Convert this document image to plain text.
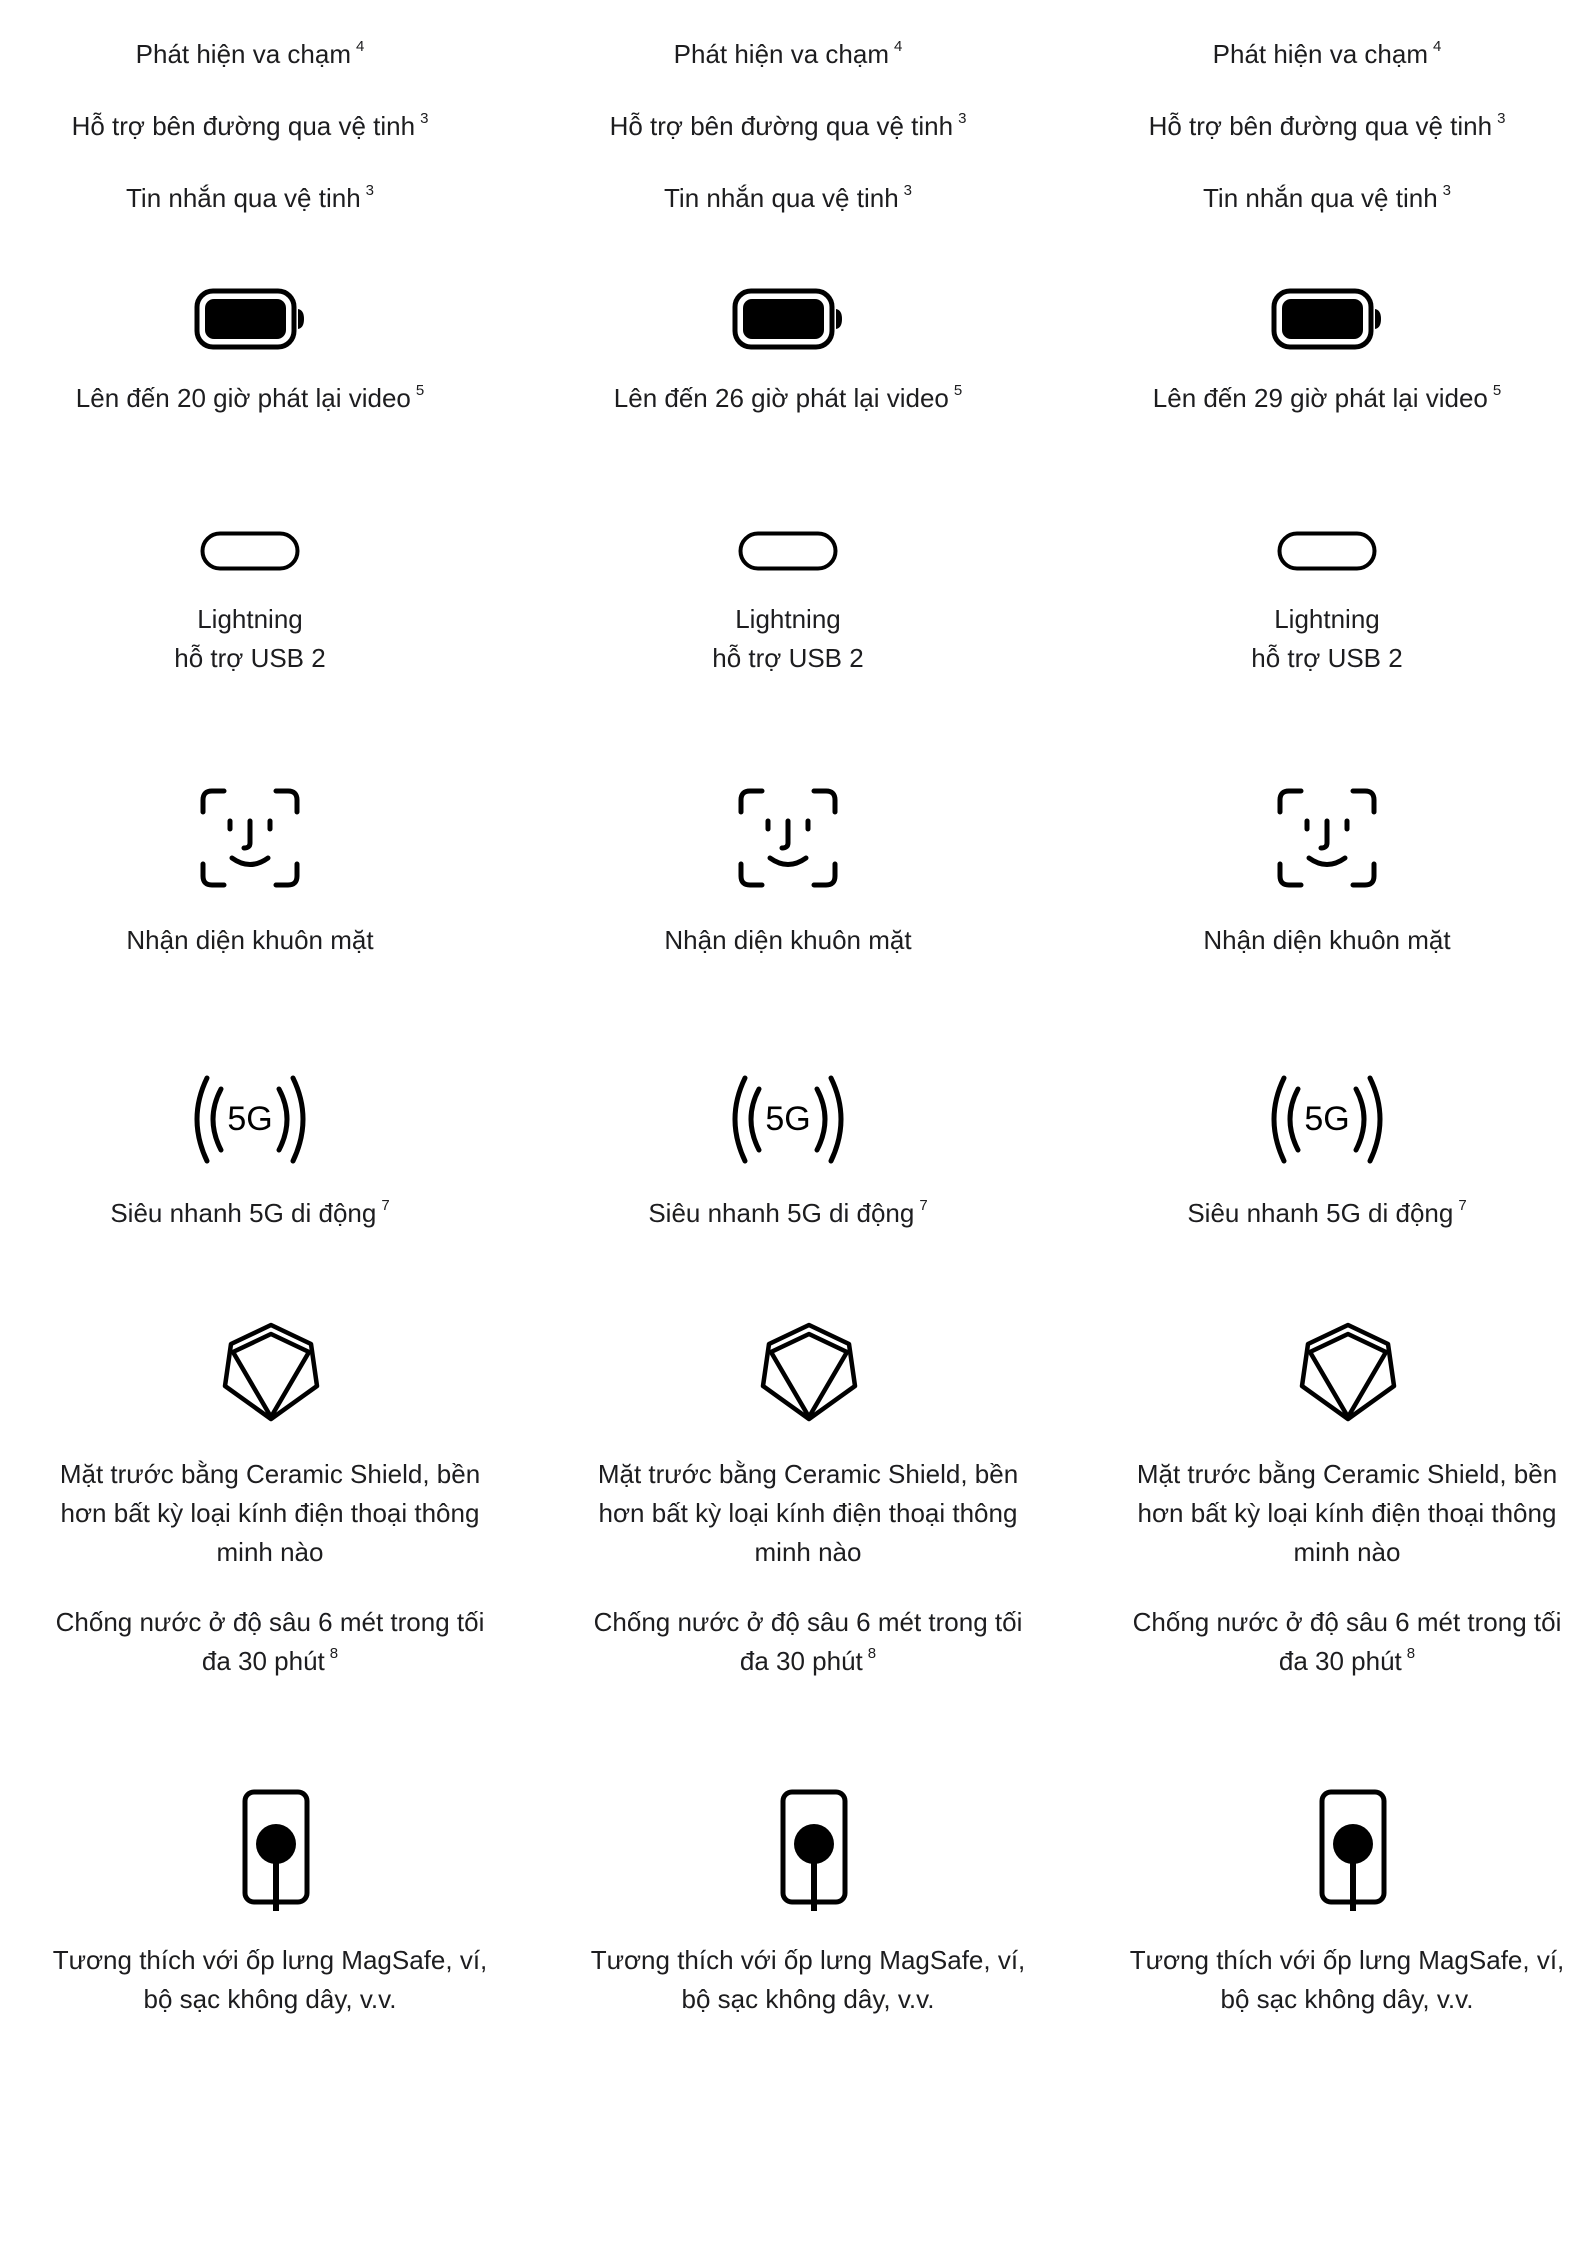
Phát hiện va chạm $^4$
Hỗ trợ bên đường qua vệ tinh $^3$
Tin nhắn qua vệ tinh $^3$
Lên đến 20 giờ phát lại video $^5$
Lightning
hỗ trợ USB 2
Nhận diện khuôn mặt
5G
Siêu nhanh 5G di động $^7$
Mặt trước bằng Ceramic Shield, bền hơn bất kỳ loại kính điện thoại thông minh nào
Chống nước ở độ sâu 6 mét trong tối đa 30 phút $^8$
Tương thích với ốp lưng MagSafe, ví, bộ sạc không dây, v.v.
Phát hiện va chạm $^4$
Hỗ trợ bên đường qua vệ tinh $^3$
Tin nhắn qua vệ tinh $^3$
Lên đến 26 giờ phát lại video $^5$
Lightning
hỗ trợ USB 2
Nhận diện khuôn mặt
5G
Siêu nhanh 5G di động $^7$
Mặt trước bằng Ceramic Shield, bền hơn bất kỳ loại kính điện thoại thông minh nào
Chống nước ở độ sâu 6 mét trong tối đa 30 phút $^8$
Tương thích với ốp lưng MagSafe, ví, bộ sạc không dây, v.v.
Phát hiện va chạm $^4$
Hỗ trợ bên đường qua vệ tinh $^3$
Tin nhắn qua vệ tinh $^3$
Lên đến 29 giờ phát lại video $^5$
Lightning
hỗ trợ USB 2
Nhận diện khuôn mặt
5G
Siêu nhanh 5G di động $^7$
Mặt trước bằng Ceramic Shield, bền hơn bất kỳ loại kính điện thoại thông minh nào
Chống nước ở độ sâu 6 mét trong tối đa 30 phút $^8$
Tương thích với ốp lưng MagSafe, ví, bộ sạc không dây, v.v.
